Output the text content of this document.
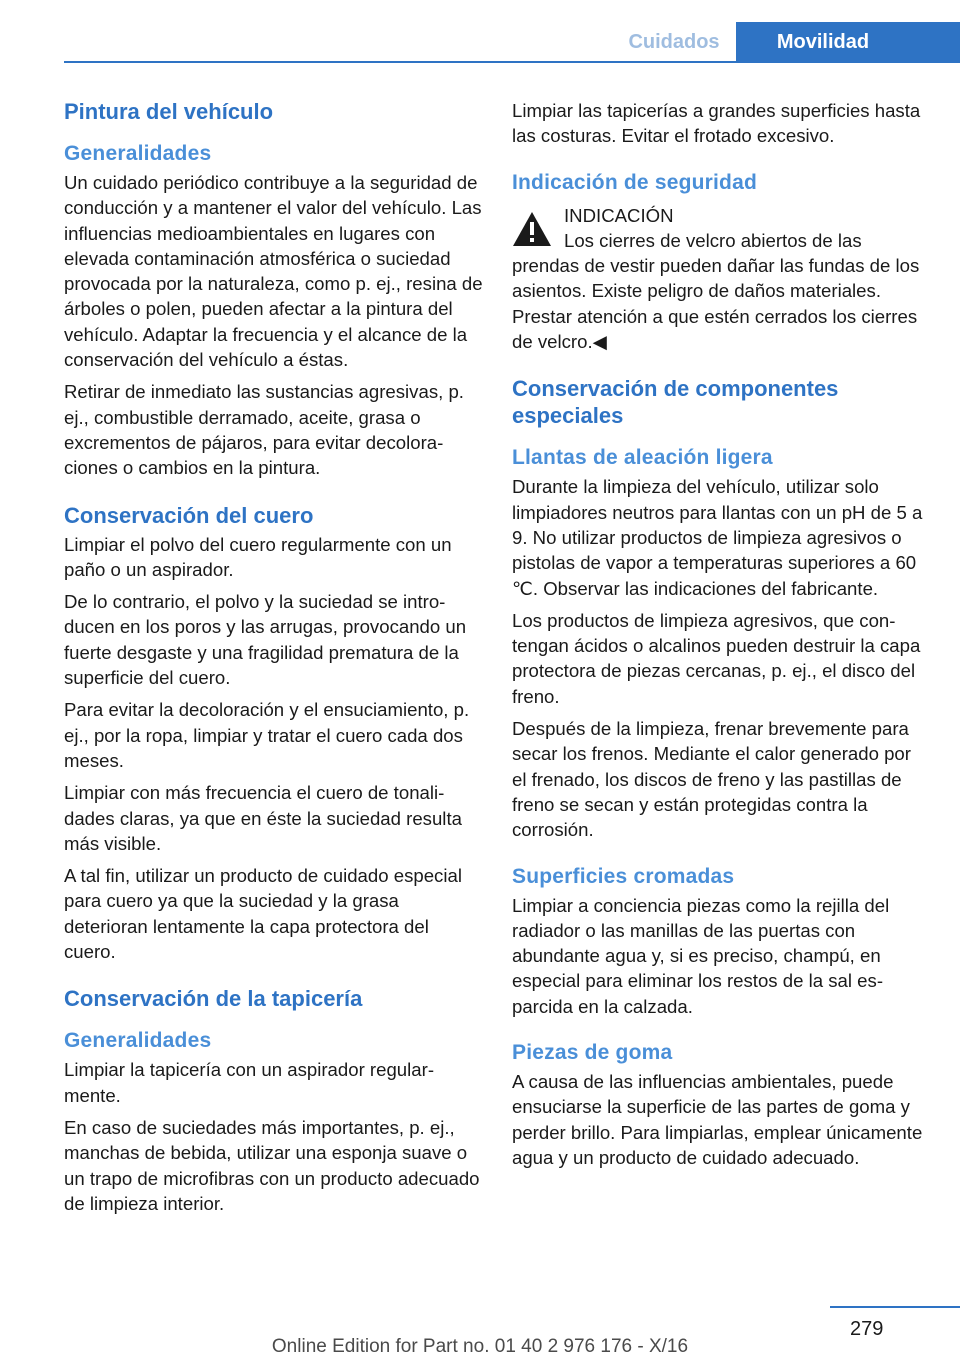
Cuidados	Movilidad
Pintura del vehículo
Generalidades

Un cuidado periódico contribuye a la seguridad de conducción y a mantener el valor del vehículo. Las influencias medioambientales en lugares con elevada contaminación atmosférica o suciedad provocada por la naturaleza, como p. ej., resina de árboles o polen, pueden afectar a la pintura del vehículo. Adaptar la frecuencia y el alcance de la conservación del vehículo a éstas.

Retirar de inmediato las sustancias agresivas, p. ej., combustible derramado, aceite, grasa o excrementos de pájaros, para evitar decoloraciones o cambios en la pintura.

Conservación del cuero

Limpiar el polvo del cuero regularmente con un paño o un aspirador.

De lo contrario, el polvo y la suciedad se introducen en los poros y las arrugas, provocando un fuerte desgaste y una fragilidad prematura de la superficie del cuero.

Para evitar la decoloración y el ensuciamiento, p. ej., por la ropa, limpiar y tratar el cuero cada dos meses.

Limpiar con más frecuencia el cuero de tonalidades claras, ya que en éste la suciedad resulta más visible.

A tal fin, utilizar un producto de cuidado especial para cuero ya que la suciedad y la grasa deterioran lentamente la capa protectora del cuero.

Conservación de la tapicería
Generalidades

Limpiar la tapicería con un aspirador regularmente.

En caso de suciedades más importantes, p. ej., manchas de bebida, utilizar una esponja suave o un trapo de microfibras con un producto adecuado de limpieza interior.

Limpiar las tapicerías a grandes superficies hasta las costuras. Evitar el frotado excesivo.

Indicación de seguridad
INDICACIÓN
Los cierres de velcro abiertos de las

prendas de vestir pueden dañar las fundas de los asientos. Existe peligro de daños materiales. Prestar atención a que estén cerrados los cierres de velcro.◀

Conservación de componentes especiales
Llantas de aleación ligera

Durante la limpieza del vehículo, utilizar solo limpiadores neutros para llantas con un pH de 5 a 9. No utilizar productos de limpieza agresivos o pistolas de vapor a temperaturas superiores a 60 ℃. Observar las indicaciones del fabricante.

Los productos de limpieza agresivos, que contengan ácidos o alcalinos pueden destruir la capa protectora de piezas cercanas, p. ej., el disco del freno.

Después de la limpieza, frenar brevemente para secar los frenos. Mediante el calor generado por el frenado, los discos de freno y las pastillas de freno se secan y están protegidas contra la corrosión.

Superficies cromadas

Limpiar a conciencia piezas como la rejilla del radiador o las manillas de las puertas con abundante agua y, si es preciso, champú, en especial para eliminar los restos de la sal esparcida en la calzada.

Piezas de goma

A causa de las influencias ambientales, puede ensuciarse la superficie de las partes de goma y perder brillo. Para limpiarlas, emplear únicamente agua y un producto de cuidado adecuado.

279
Online Edition for Part no. 01 40 2 976 176 - X/16
